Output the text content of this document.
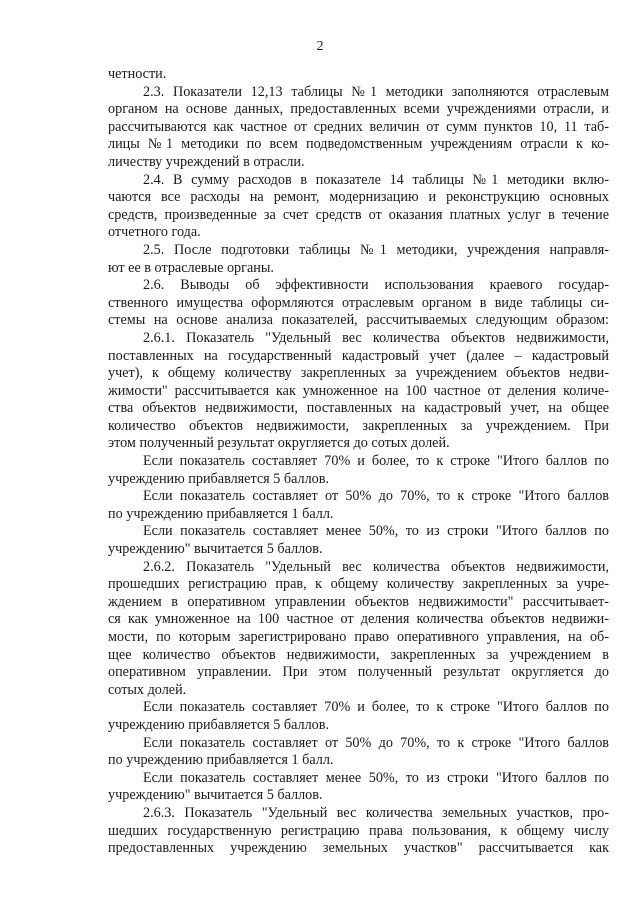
2
четности.
2.3. Показатели 12,13 таблицы №1 методики заполняются отраслевым
органом на основе данных, предоставленных всеми учреждениями отрасли, и
рассчитываются как частное от средних величин от сумм пунктов 10, 11 таб-
лицы №1 методики по всем подведомственным учреждениям отрасли к ко-
личеству учреждений в отрасли.
2.4. В сумму расходов в показателе 14 таблицы №1 методики вклю-
чаются все расходы на ремонт, модернизацию и реконструкцию основных
средств, произведенные за счет средств от оказания платных услуг в течение
отчетного года.
2.5. После подготовки таблицы №1 методики, учреждения направля-
ют ее в отраслевые органы.
2.6. Выводы об эффективности использования краевого государ-
ственного имущества оформляются отраслевым органом в виде таблицы си-
стемы на основе анализа показателей, рассчитываемых следующим образом:
2.6.1. Показатель "Удельный вес количества объектов недвижимости,
поставленных на государственный кадастровый учет (далее – кадастровый
учет), к общему количеству закрепленных за учреждением объектов недви-
жимости" рассчитывается как умноженное на 100 частное от деления количе-
ства объектов недвижимости, поставленных на кадастровый учет, на общее
количество объектов недвижимости, закрепленных за учреждением. При
этом полученный результат округляется до сотых долей.
Если показатель составляет 70% и более, то к строке "Итого баллов по
учреждению прибавляется 5 баллов.
Если показатель составляет от 50% до 70%, то к строке "Итого баллов
по учреждению прибавляется 1 балл.
Если показатель составляет менее 50%, то из строки "Итого баллов по
учреждению" вычитается 5 баллов.
2.6.2. Показатель "Удельный вес количества объектов недвижимости,
прошедших регистрацию прав, к общему количеству закрепленных за учре-
ждением в оперативном управлении объектов недвижимости" рассчитывает-
ся как умноженное на 100 частное от деления количества объектов недвижи-
мости, по которым зарегистрировано право оперативного управления, на об-
щее количество объектов недвижимости, закрепленных за учреждением в
оперативном управлении. При этом полученный результат округляется до
сотых долей.
Если показатель составляет 70% и более, то к строке "Итого баллов по
учреждению прибавляется 5 баллов.
Если показатель составляет от 50% до 70%, то к строке "Итого баллов
по учреждению прибавляется 1 балл.
Если показатель составляет менее 50%, то из строки "Итого баллов по
учреждению" вычитается 5 баллов.
2.6.3. Показатель "Удельный вес количества земельных участков, про-
шедших государственную регистрацию права пользования, к общему числу
предоставленных учреждению земельных участков" рассчитывается как
